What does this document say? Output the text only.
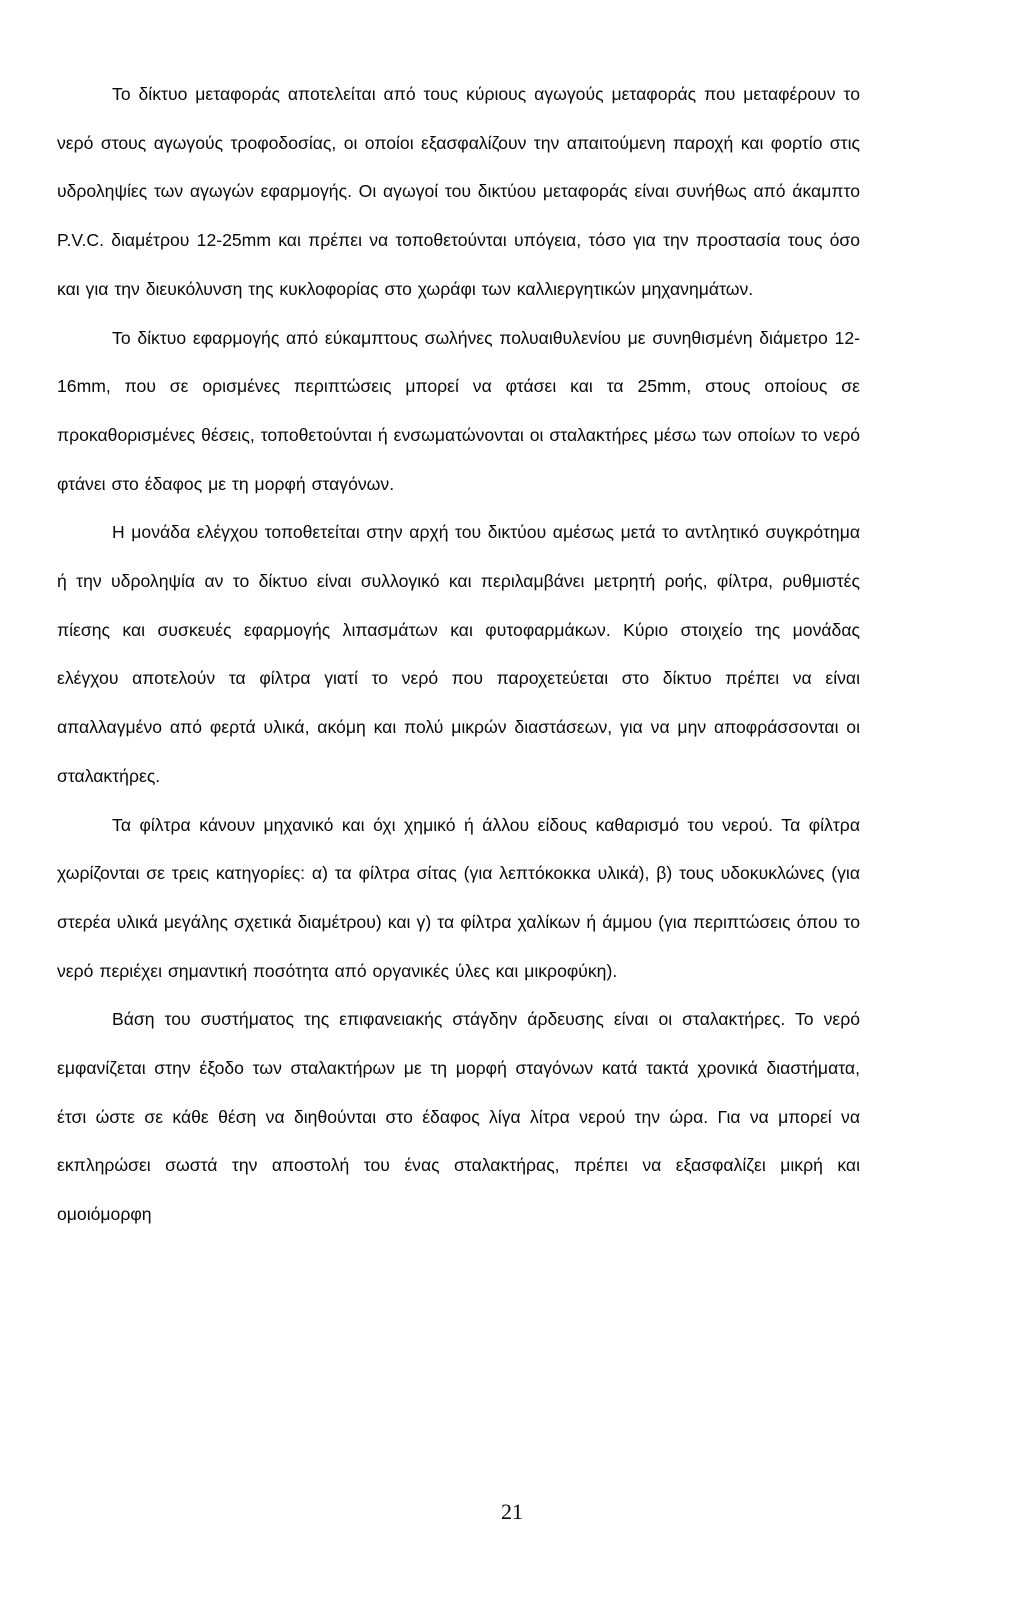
Το δίκτυο μεταφοράς αποτελείται από τους κύριους αγωγούς μεταφοράς που μεταφέρουν το νερό στους αγωγούς τροφοδοσίας, οι οποίοι εξασφαλίζουν την απαιτούμενη παροχή και φορτίο στις υδροληψίες των αγωγών εφαρμογής. Οι αγωγοί του δικτύου μεταφοράς είναι συνήθως από άκαμπτο P.V.C. διαμέτρου 12-25mm και πρέπει να τοποθετούνται υπόγεια, τόσο για την προστασία τους όσο και για την διευκόλυνση της κυκλοφορίας στο χωράφι των καλλιεργητικών μηχανημάτων.

Το δίκτυο εφαρμογής από εύκαμπτους σωλήνες πολυαιθυλενίου με συνηθισμένη διάμετρο 12-16mm, που σε ορισμένες περιπτώσεις μπορεί να φτάσει και τα 25mm, στους οποίους σε προκαθορισμένες θέσεις, τοποθετούνται ή ενσωματώνονται οι σταλακτήρες μέσω των οποίων το νερό φτάνει στο έδαφος με τη μορφή σταγόνων.

Η μονάδα ελέγχου τοποθετείται στην αρχή του δικτύου αμέσως μετά το αντλητικό συγκρότημα ή την υδροληψία αν το δίκτυο είναι συλλογικό και περιλαμβάνει μετρητή ροής, φίλτρα, ρυθμιστές πίεσης και συσκευές εφαρμογής λιπασμάτων και φυτοφαρμάκων. Κύριο στοιχείο της μονάδας ελέγχου αποτελούν τα φίλτρα γιατί το νερό που παροχετεύεται στο δίκτυο πρέπει να είναι απαλλαγμένο από φερτά υλικά, ακόμη και πολύ μικρών διαστάσεων, για να μην αποφράσσονται οι σταλακτήρες.

Τα φίλτρα κάνουν μηχανικό και όχι χημικό ή άλλου είδους καθαρισμό του νερού. Τα φίλτρα χωρίζονται σε τρεις κατηγορίες: α) τα φίλτρα σίτας (για λεπτόκοκκα υλικά), β) τους υδοκυκλώνες (για στερέα υλικά μεγάλης σχετικά διαμέτρου) και γ) τα φίλτρα χαλίκων ή άμμου (για περιπτώσεις όπου το νερό περιέχει σημαντική ποσότητα από οργανικές ύλες και μικροφύκη).

Βάση του συστήματος της επιφανειακής στάγδην άρδευσης είναι οι σταλακτήρες. Το νερό εμφανίζεται στην έξοδο των σταλακτήρων με τη μορφή σταγόνων κατά τακτά χρονικά διαστήματα, έτσι ώστε σε κάθε θέση να διηθούνται στο έδαφος λίγα λίτρα νερού την ώρα. Για να μπορεί να εκπληρώσει σωστά την αποστολή του ένας σταλακτήρας, πρέπει να εξασφαλίζει μικρή και ομοιόμορφη

21
